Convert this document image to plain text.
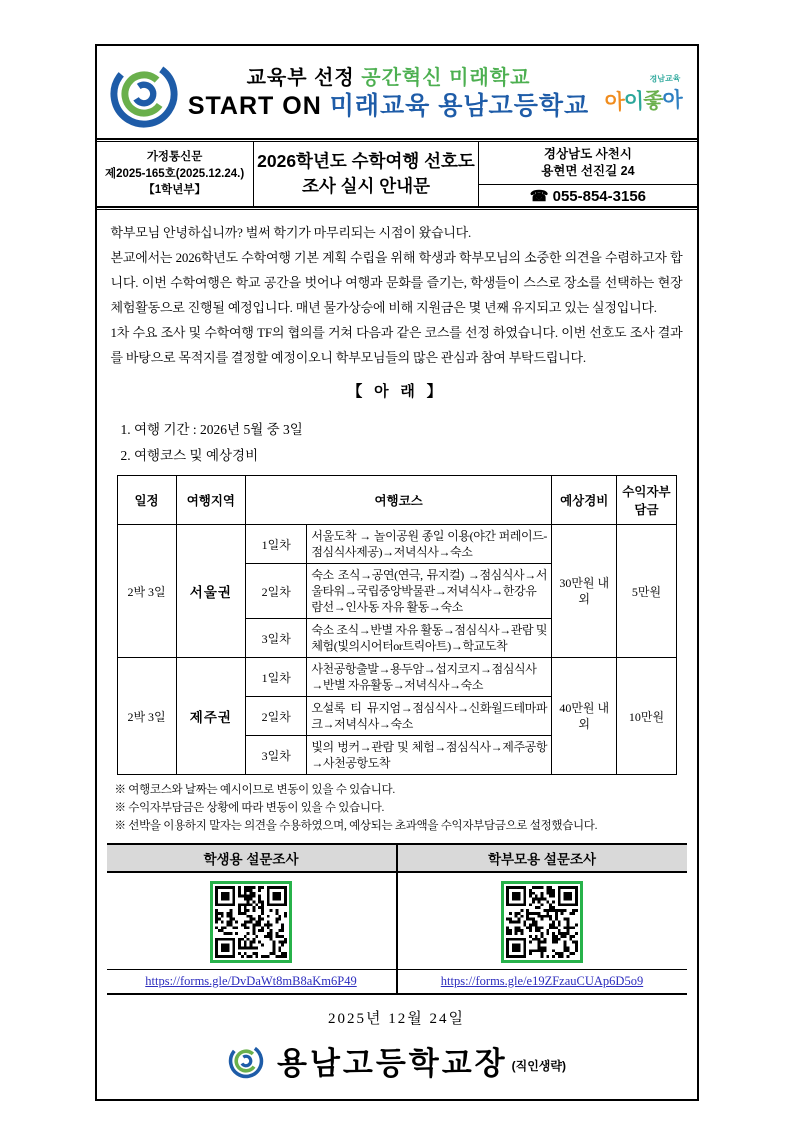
교육부 선정 공간혁신 미래학교
START ON 미래교육 용남고등학교
경남교육
아이좋아
가정통신문
제2025-165호(2025.12.24.)
【1학년부】
2026학년도 수학여행 선호도
조사 실시 안내문
경상남도 사천시
용현면 선진길 24
☎ 055-854-3156
학부모님 안녕하십니까? 벌써 학기가 마무리되는 시점이 왔습니다.
본교에서는 2026학년도 수학여행 기본 계획 수립을 위해 학생과 학부모님의 소중한 의견을 수렴하고자 합니다. 이번 수학여행은 학교 공간을 벗어나 여행과 문화를 즐기는, 학생들이 스스로 장소를 선택하는 현장체험활동으로 진행될 예정입니다. 매년 물가상승에 비해 지원금은 몇 년째 유지되고 있는 실정입니다.
1차 수요 조사 및 수학여행 TF의 협의를 거쳐 다음과 같은 코스를 선정 하였습니다. 이번 선호도 조사 결과를 바탕으로 목적지를 결정할 예정이오니 학부모님들의 많은 관심과 참여 부탁드립니다.
【 아 래 】
1. 여행 기간 : 2026년 5월 중 3일
2. 여행코스 및 예상경비
일정	여행지역	여행코스		예상경비	수익자부담금
2박 3일	서울권	1일차	서울도착 → 놀이공원 종일 이용(야간 퍼레이드-점심식사제공)→저녁식사→숙소	30만원 내외	5만원
		2일차	숙소 조식→공연(연극, 뮤지컬) →점심식사→서울타워→국립중앙박물관→저녁식사→한강유람선→인사동 자유 활동→숙소		
		3일차	숙소 조식→반별 자유 활동→점심식사→관람 및 체험(빛의시어터or트릭아트)→학교도착		
2박 3일	제주권	1일차	사천공항출발→용두암→섭지코지→점심식사→반별 자유활동→저녁식사→숙소	40만원 내외	10만원
		2일차	오설록 티 뮤지엄→점심식사→신화월드테마파크→저녁식사→숙소		
		3일차	빛의 벙커→관람 및 체험→점심식사→제주공항→사천공항도착		
※ 여행코스와 날짜는 예시이므로 변동이 있을 수 있습니다.
※ 수익자부담금은 상황에 따라 변동이 있을 수 있습니다.
※ 선박을 이용하지 말자는 의견을 수용하였으며, 예상되는 초과액을 수익자부담금으로 설정했습니다.
학생용 설문조사	학부모용 설문조사

https://forms.gle/DvDaWt8mB8aKm6P49	https://forms.gle/e19ZFzauCUAp6D5o9
2025년 12월 24일
용남고등학교장 (직인생략)
